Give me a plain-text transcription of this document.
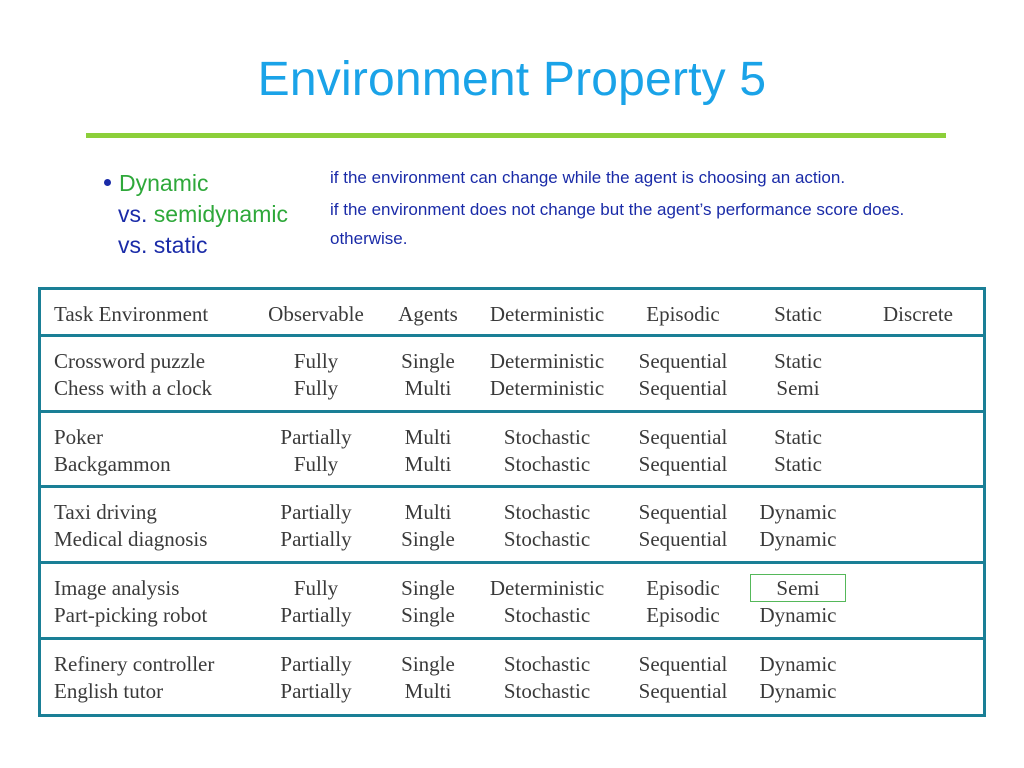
Environment Property 5
Dynamic
vs. semidynamic
vs. static
if the environment can change while the agent is choosing an action.
if the environment does not change but the agent’s performance score does.
otherwise.
Task Environment	Observable	Agents	Deterministic	Episodic	Static	Discrete
Crossword puzzle	Fully	Single	Deterministic	Sequential	Static
Chess with a clock	Fully	Multi	Deterministic	Sequential	Semi
Poker	Partially	Multi	Stochastic	Sequential	Static
Backgammon	Fully	Multi	Stochastic	Sequential	Static
Taxi driving	Partially	Multi	Stochastic	Sequential	Dynamic
Medical diagnosis	Partially	Single	Stochastic	Sequential	Dynamic
Image analysis	Fully	Single	Deterministic	Episodic	Semi
Part-picking robot	Partially	Single	Stochastic	Episodic	Dynamic
Refinery controller	Partially	Single	Stochastic	Sequential	Dynamic
English tutor	Partially	Multi	Stochastic	Sequential	Dynamic
